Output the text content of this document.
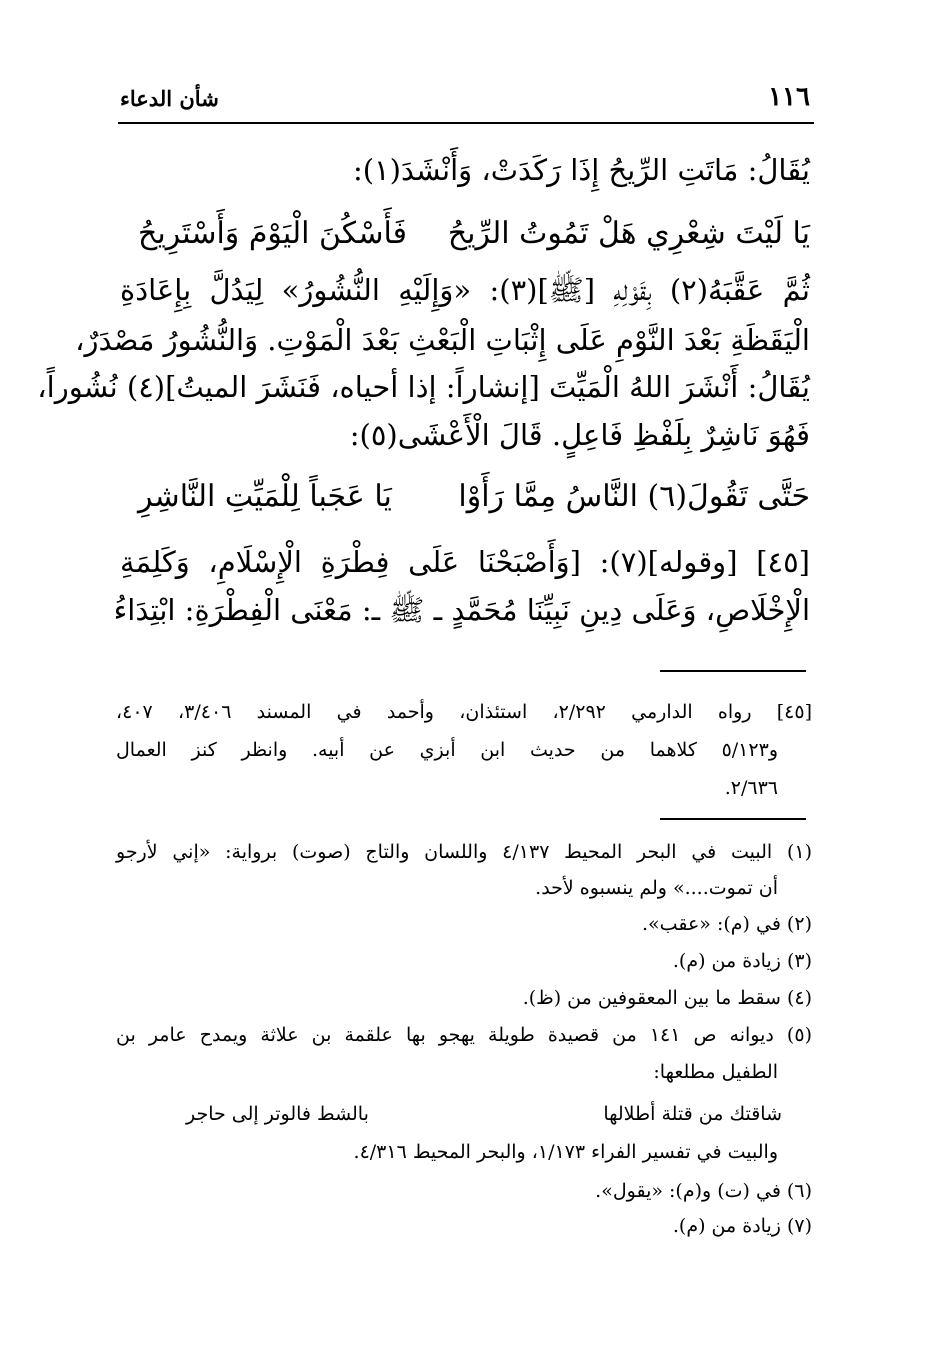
١١٦
شأن الدعاء
يُقَالُ: مَاتَتِ الرِّيحُ إِذَا رَكَدَتْ، وَأَنْشَدَ(١):
يَا لَيْتَ شِعْرِي هَلْ تَمُوتُ الرِّيحُ
فَأَسْكُنَ الْيَوْمَ وَأَسْتَرِيحُ
ثُمَّ عَقَّبَهُ(٢) بِقَوْلِهِ [ﷺ](٣): «وَإِلَيْهِ النُّشُورُ» لِيَدُلَّ بِإِعَادَةِ
الْيَقَظَةِ بَعْدَ النَّوْمِ عَلَى إِثْبَاتِ الْبَعْثِ بَعْدَ الْمَوْتِ. وَالنُّشُورُ مَصْدَرٌ،
يُقَالُ: أَنْشَرَ اللهُ الْمَيِّتَ [إنشاراً: إذا أحياه، فَنَشَرَ الميتُ](٤) نُشُوراً،
فَهُوَ نَاشِرٌ بِلَفْظِ فَاعِلٍ. قَالَ الْأَعْشَى(٥):
حَتَّى تَقُولَ(٦) النَّاسُ مِمَّا رَأَوْا
يَا عَجَباً لِلْمَيِّتِ النَّاشِرِ
[٤٥] [وقوله](٧): [وَأَصْبَحْنَا عَلَى فِطْرَةِ الْإِسْلَامِ، وَكَلِمَةِ
الْإِخْلَاصِ، وَعَلَى دِينِ نَبِيِّنَا مُحَمَّدٍ ـ ﷺ ـ: مَعْنَى الْفِطْرَةِ: ابْتِدَاءُ
[٤٥] رواه الدارمي ٢/٢٩٢، استئذان، وأحمد في المسند ٣/٤٠٦، ٤٠٧،
و٥/١٢٣ كلاهما من حديث ابن أبزي عن أبيه. وانظر كنز العمال
٢/٦٣٦.
(١) البيت في البحر المحيط ٤/١٣٧ واللسان والتاج (صوت) برواية: «إني لأرجو
أن تموت....» ولم ينسبوه لأحد.
(٢) في (م): «عقب».
(٣) زيادة من (م).
(٤) سقط ما بين المعقوفين من (ظ).
(٥) ديوانه ص ١٤١ من قصيدة طويلة يهجو بها علقمة بن علاثة ويمدح عامر بن
الطفيل مطلعها:
شاقتك من قتلة أطلالها
بالشط فالوتر إلى حاجر
والبيت في تفسير الفراء ١/١٧٣، والبحر المحيط ٤/٣١٦.
(٦) في (ت) و(م): «يقول».
(٧) زيادة من (م).
